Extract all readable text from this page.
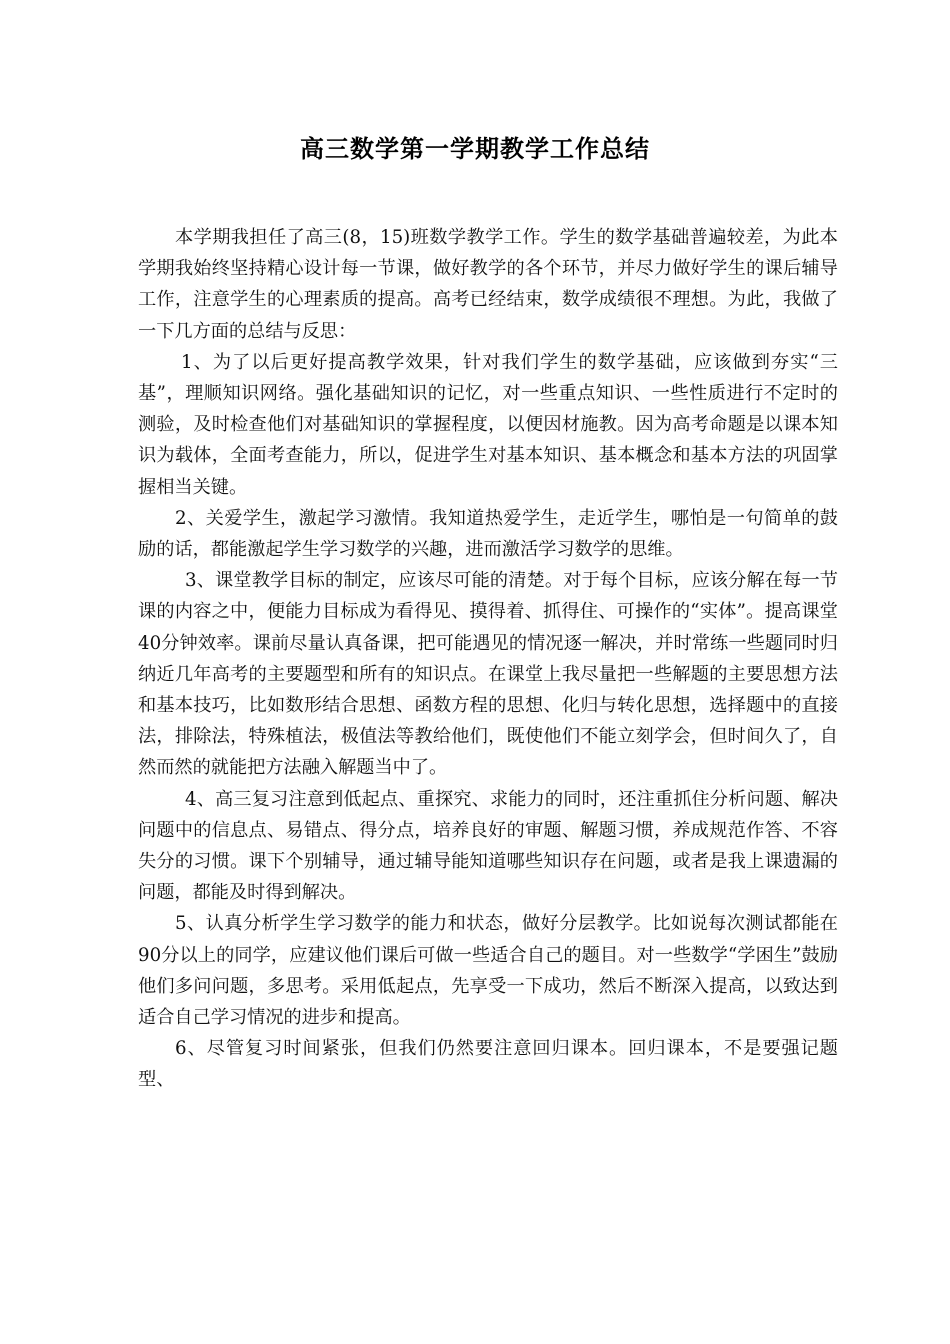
高三数学第一学期教学工作总结

本学期我担任了高三(8，15)班数学教学工作。学生的数学基础普遍较差，为此本学期我始终坚持精心设计每一节课，做好教学的各个环节，并尽力做好学生的课后辅导工作，注意学生的心理素质的提高。高考已经结束，数学成绩很不理想。为此，我做了一下几方面的总结与反思：

1、为了以后更好提高教学效果，针对我们学生的数学基础，应该做到夯实“三基”，理顺知识网络。强化基础知识的记忆，对一些重点知识、一些性质进行不定时的测验，及时检查他们对基础知识的掌握程度，以便因材施教。因为高考命题是以课本知识为载体，全面考查能力，所以，促进学生对基本知识、基本概念和基本方法的巩固掌握相当关键。

2、关爱学生，激起学习激情。我知道热爱学生，走近学生，哪怕是一句简单的鼓励的话，都能激起学生学习数学的兴趣，进而激活学习数学的思维。

3、课堂教学目标的制定，应该尽可能的清楚。对于每个目标，应该分解在每一节课的内容之中，便能力目标成为看得见、摸得着、抓得住、可操作的“实体”。提高课堂40分钟效率。课前尽量认真备课，把可能遇见的情况逐一解决，并时常练一些题同时归纳近几年高考的主要题型和所有的知识点。在课堂上我尽量把一些解题的主要思想方法和基本技巧，比如数形结合思想、函数方程的思想、化归与转化思想，选择题中的直接法，排除法，特殊植法，极值法等教给他们，既使他们不能立刻学会，但时间久了，自然而然的就能把方法融入解题当中了。

4、高三复习注意到低起点、重探究、求能力的同时，还注重抓住分析问题、解决问题中的信息点、易错点、得分点，培养良好的审题、解题习惯，养成规范作答、不容失分的习惯。课下个别辅导，通过辅导能知道哪些知识存在问题，或者是我上课遗漏的问题，都能及时得到解决。

5、认真分析学生学习数学的能力和状态，做好分层教学。比如说每次测试都能在90分以上的同学，应建议他们课后可做一些适合自己的题目。对一些数学“学困生”鼓励他们多问问题，多思考。采用低起点，先享受一下成功，然后不断深入提高，以致达到适合自己学习情况的进步和提高。

6、尽管复习时间紧张，但我们仍然要注意回归课本。回归课本，不是要强记题型、
